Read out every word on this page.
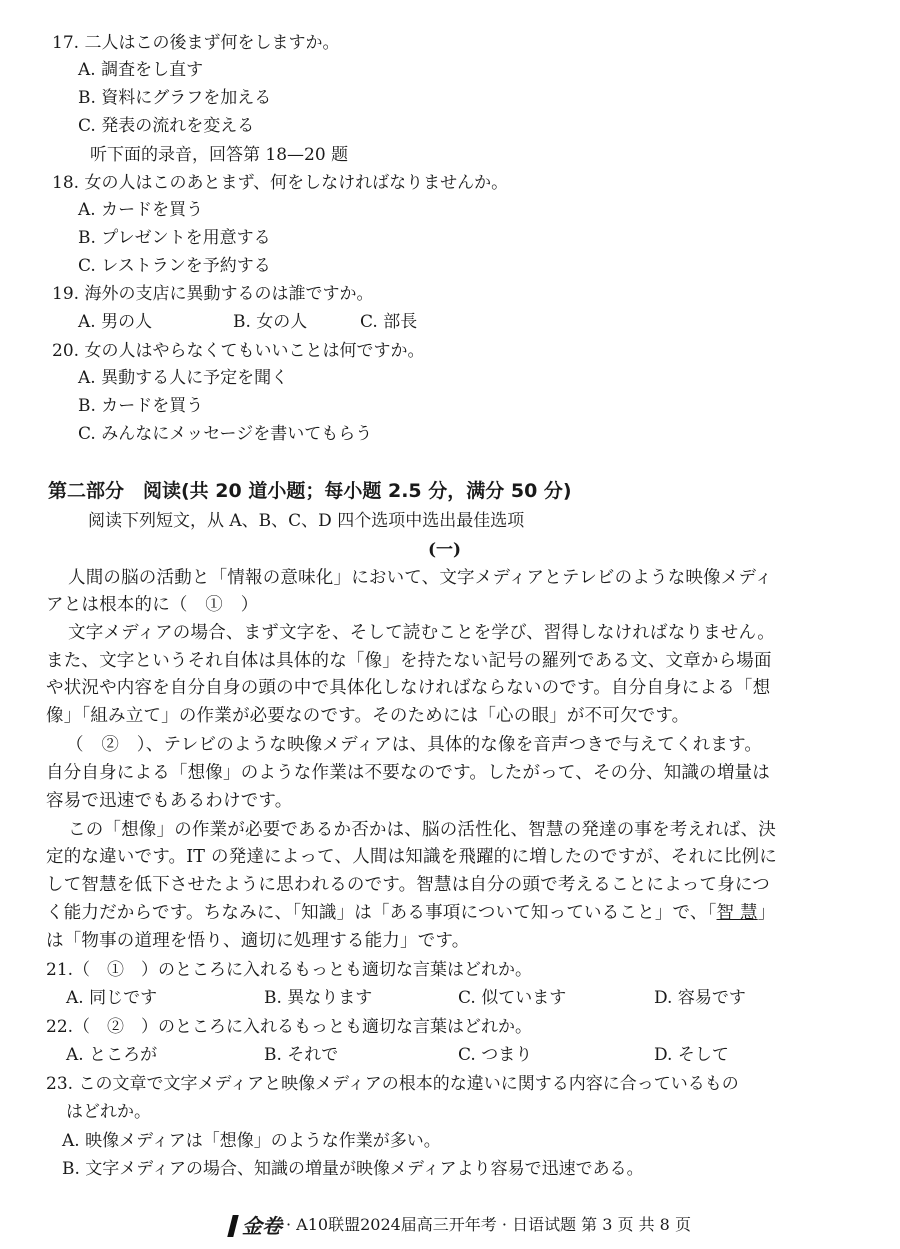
17. 二人はこの後まず何をしますか。
A. 調査をし直す
B. 資料にグラフを加える
C. 発表の流れを変える
听下面的录音，回答第 18—20 题
18. 女の人はこのあとまず、何をしなければなりませんか。
A. カードを買う
B. プレゼントを用意する
C. レストランを予約する
19. 海外の支店に異動するのは誰ですか。
A. 男の人	B. 女の人	C. 部長
20. 女の人はやらなくてもいいことは何ですか。
A. 異動する人に予定を聞く
B. カードを買う
C. みんなにメッセージを書いてもらう
第二部分　阅读(共 20 道小题；每小题 2.5 分，满分 50 分)
阅读下列短文，从 A、B、C、D 四个选项中选出最佳选项
(一)
人間の脳の活動と「情報の意味化」において、文字メディアとテレビのような映像メディ
アとは根本的に（　①　）
文字メディアの場合、まず文字を、そして読むことを学び、習得しなければなりません。
また、文字というそれ自体は具体的な「像」を持たない記号の羅列である文、文章から場面
や状況や内容を自分自身の頭の中で具体化しなければならないのです。自分自身による「想
像」「組み立て」の作業が必要なのです。そのためには「心の眼」が不可欠です。
（　②　）、テレビのような映像メディアは、具体的な像を音声つきで与えてくれます。
自分自身による「想像」のような作業は不要なのです。したがって、その分、知識の増量は
容易で迅速でもあるわけです。
この「想像」の作業が必要であるか否かは、脳の活性化、智慧の発達の事を考えれば、決
定的な違いです。IT の発達によって、人間は知識を飛躍的に増したのですが、それに比例に
して智慧を低下させたように思われるのです。智慧は自分の頭で考えることによって身につ
く能力だからです。ちなみに、「知識」は「ある事項について知っていること」で、「智 慧」
は「物事の道理を悟り、適切に処理する能力」です。
21.（　①　）のところに入れるもっとも適切な言葉はどれか。
A. 同じです	B. 異なります	C. 似ています	D. 容易です
22.（　②　）のところに入れるもっとも適切な言葉はどれか。
A. ところが	B. それで	C. つまり	D. そして
23. この文章で文字メディアと映像メディアの根本的な違いに関する内容に合っているもの
はどれか。
A. 映像メディアは「想像」のような作業が多い。
B. 文字メディアの場合、知識の増量が映像メディアより容易で迅速である。
金卷 · A10联盟2024届高三开年考 · 日语试题 第 3 页 共 8 页
